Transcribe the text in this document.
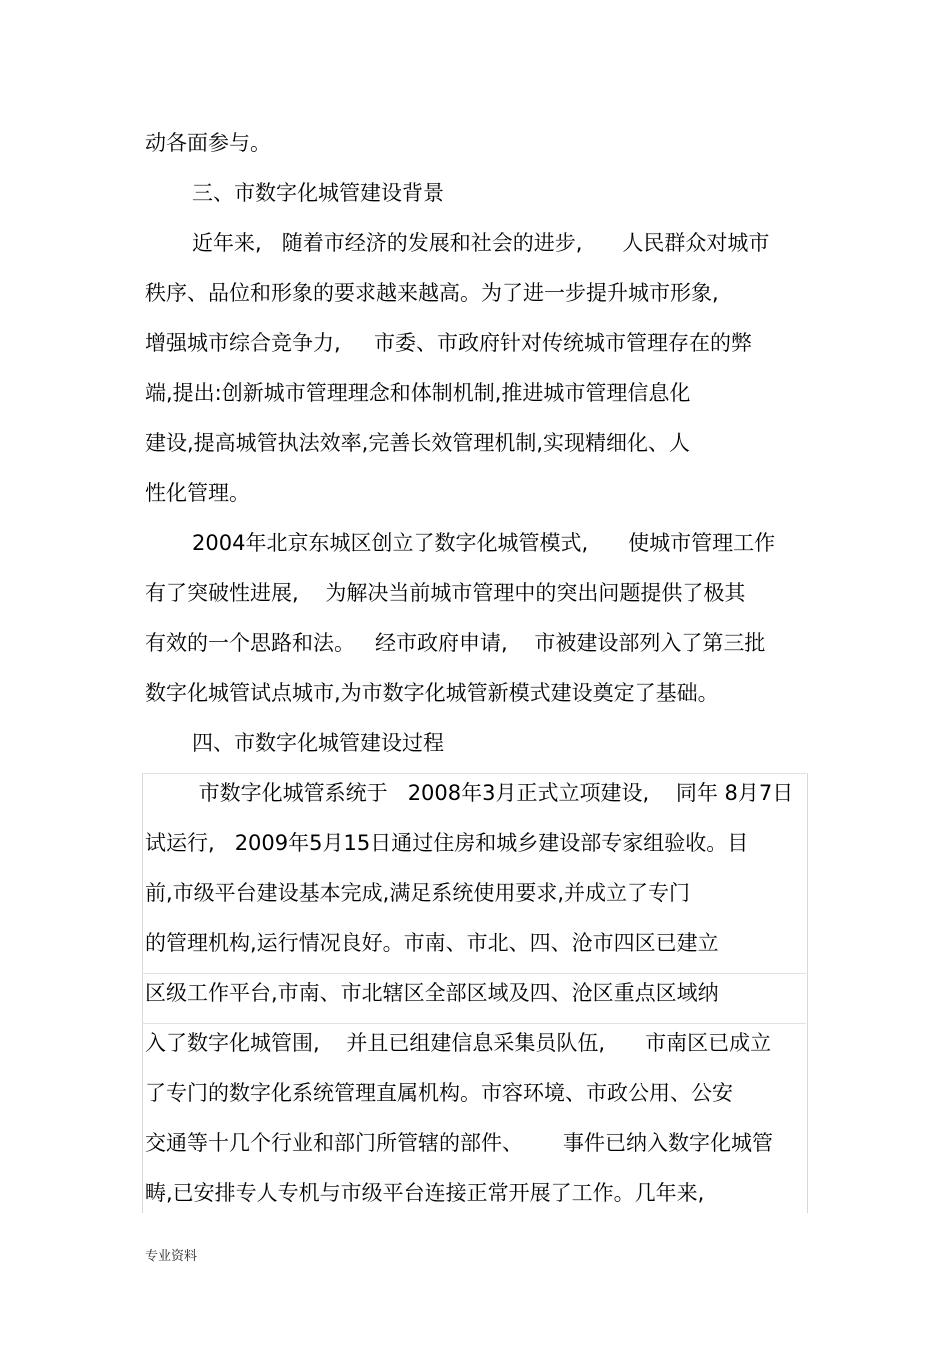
动各面参与。
三、市数字化城管建设背景
近年来,   随着市经济的发展和社会的进步,      人民群众对城市
秩序、品位和形象的要求越来越高。为了进一步提升城市形象,
增强城市综合竞争力,     市委、市政府针对传统城市管理存在的弊
端,提出:创新城市管理理念和体制机制,推进城市管理信息化
建设,提高城管执法效率,完善长效管理机制,实现精细化、人
性化管理。
2004年北京东城区创立了数字化城管模式,      使城市管理工作
有了突破性进展,    为解决当前城市管理中的突出问题提供了极其
有效的一个思路和法。   经市政府申请,    市被建设部列入了第三批
数字化城管试点城市,为市数字化城管新模式建设奠定了基础。
四、市数字化城管建设过程
市数字化城管系统于   2008年3月正式立项建设,    同年 8月7日
试运行,   2009年5月15日通过住房和城乡建设部专家组验收。目
前,市级平台建设基本完成,满足系统使用要求,并成立了专门
的管理机构,运行情况良好。市南、市北、四、沧市四区已建立
区级工作平台,市南、市北辖区全部区域及四、沧区重点区域纳
入了数字化城管围,    并且已组建信息采集员队伍,      市南区已成立
了专门的数字化系统管理直属机构。市容环境、市政公用、公安
交通等十几个行业和部门所管辖的部件、      事件已纳入数字化城管
畴,已安排专人专机与市级平台连接正常开展了工作。几年来,
专业资料
